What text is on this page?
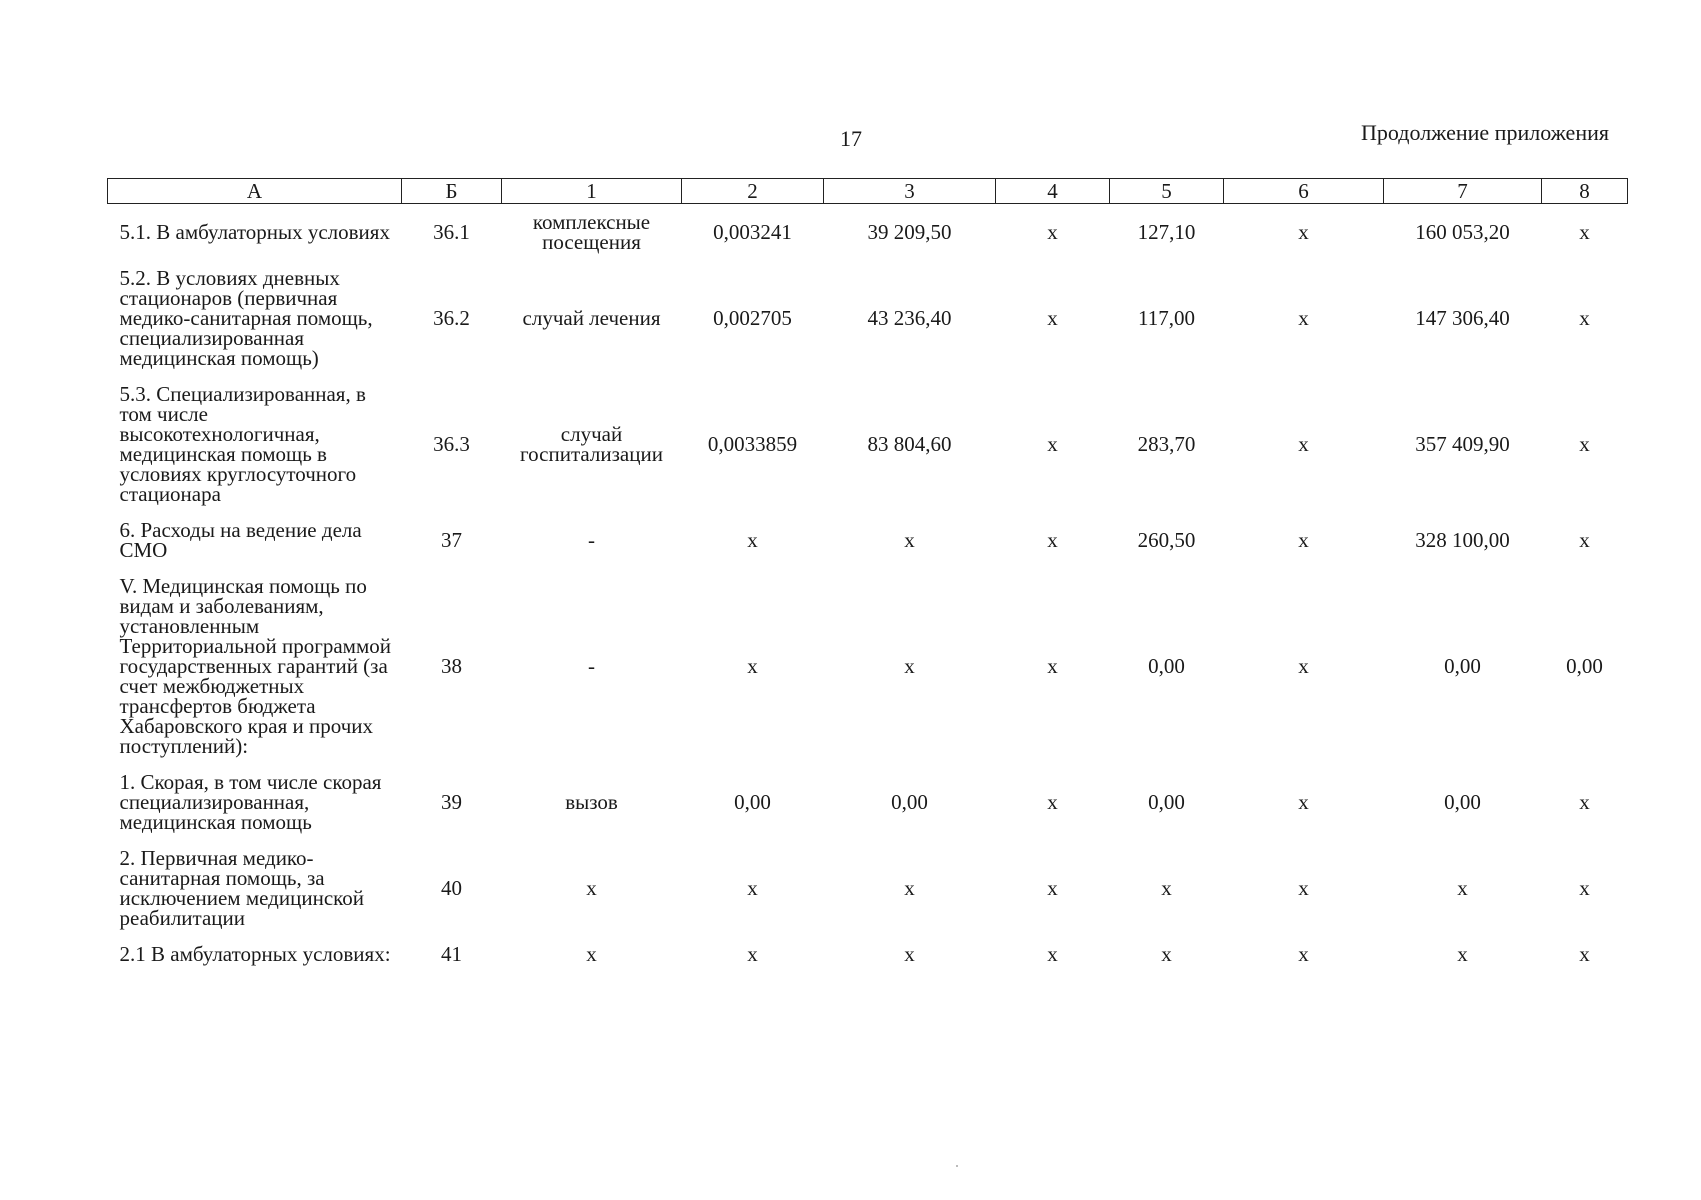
17	Продолжение приложения
А	Б	1	2	3	4	5	6	7	8
5.1. В амбулаторных условиях	36.1	комплексные посещения	0,003241	39 209,50	х	127,10	х	160 053,20	х
5.2. В условиях дневных стационаров (первичная медико-санитарная помощь, специализированная медицинская помощь)	36.2	случай лечения	0,002705	43 236,40	х	117,00	х	147 306,40	х
5.3. Специализированная, в том числе высокотехнологичная, медицинская помощь в условиях круглосуточного стационара	36.3	случай госпитализации	0,0033859	83 804,60	х	283,70	х	357 409,90	х
6. Расходы на ведение дела СМО	37	-	х	х	х	260,50	х	328 100,00	х
V. Медицинская помощь по видам и заболеваниям, установленным Территориальной программой государственных гарантий (за счет межбюджетных трансфертов бюджета Хабаровского края и прочих поступлений):	38	-	х	х	х	0,00	х	0,00	0,00
1. Скорая, в том числе скорая специализированная, медицинская помощь	39	вызов	0,00	0,00	х	0,00	х	0,00	х
2. Первичная медико-санитарная помощь, за исключением медицинской реабилитации	40	х	х	х	х	х	х	х	х
2.1 В амбулаторных условиях:	41	х	х	х	х	х	х	х	х
